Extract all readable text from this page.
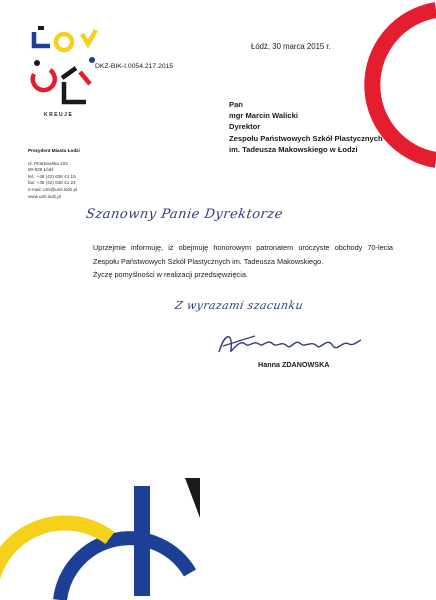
KREUJE
Łódź, 30 marca 2015 r.
DKZ-BIK-I.0054.217.2015
Pan
mgr Marcin Walicki
Dyrektor
Zespołu Państwowych Szkół Plastycznych
im. Tadeusza Makowskiego w Łodzi
Prezydent Miasta Łodzi
ul. Piotrkowska 104
90-926 Łódź
tel.: +48 (42) 638 41 15
fax: +48 (42) 638 41 24
e-mail: uml@uml.lodz.pl
www.uml.lodz.pl
Szanowny Panie Dyrektorze

Uprzejmie informuję, iż obejmuję honorowym patronatem uroczyste obchody 70-lecia Zespołu Państwowych Szkół Plastycznych im. Tadeusza Makowskiego.

Życzę pomyślności w realizacji przedsięwzięcia.

Z wyrazami szacunku
Hanna ZDANOWSKA
